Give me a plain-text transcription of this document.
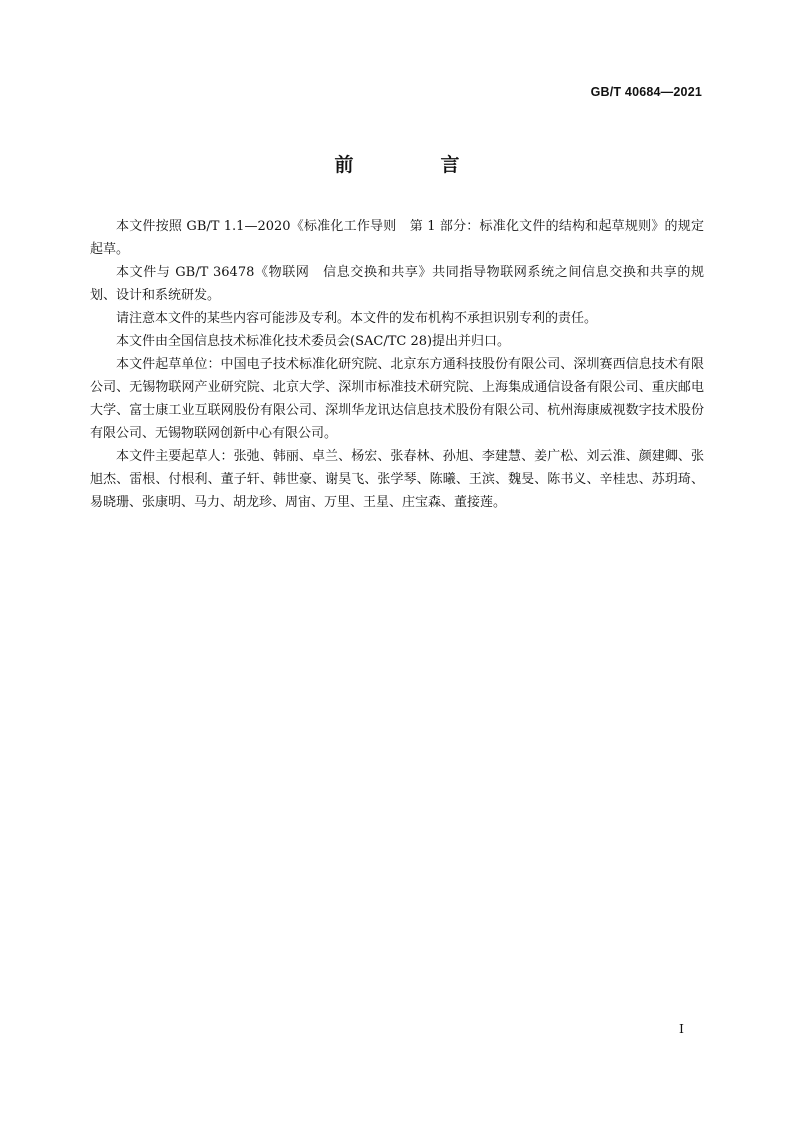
GB/T 40684—2021
前　言

本文件按照 GB/T 1.1—2020《标准化工作导则　第 1 部分：标准化文件的结构和起草规则》的规定起草。

本文件与 GB/T 36478《物联网　信息交换和共享》共同指导物联网系统之间信息交换和共享的规划、设计和系统研发。

请注意本文件的某些内容可能涉及专利。本文件的发布机构不承担识别专利的责任。

本文件由全国信息技术标准化技术委员会(SAC/TC 28)提出并归口。

本文件起草单位：中国电子技术标准化研究院、北京东方通科技股份有限公司、深圳赛西信息技术有限公司、无锡物联网产业研究院、北京大学、深圳市标准技术研究院、上海集成通信设备有限公司、重庆邮电大学、富士康工业互联网股份有限公司、深圳华龙讯达信息技术股份有限公司、杭州海康威视数字技术股份有限公司、无锡物联网创新中心有限公司。

本文件主要起草人：张弛、韩丽、卓兰、杨宏、张春林、孙旭、李建慧、姜广松、刘云淮、颜建卿、张旭杰、雷根、付根利、董子轩、韩世豪、谢昊飞、张学琴、陈曦、王滨、魏旻、陈书义、辛桂忠、苏玥琦、易晓珊、张康明、马力、胡龙珍、周宙、万里、王星、庄宝森、董接莲。

I
